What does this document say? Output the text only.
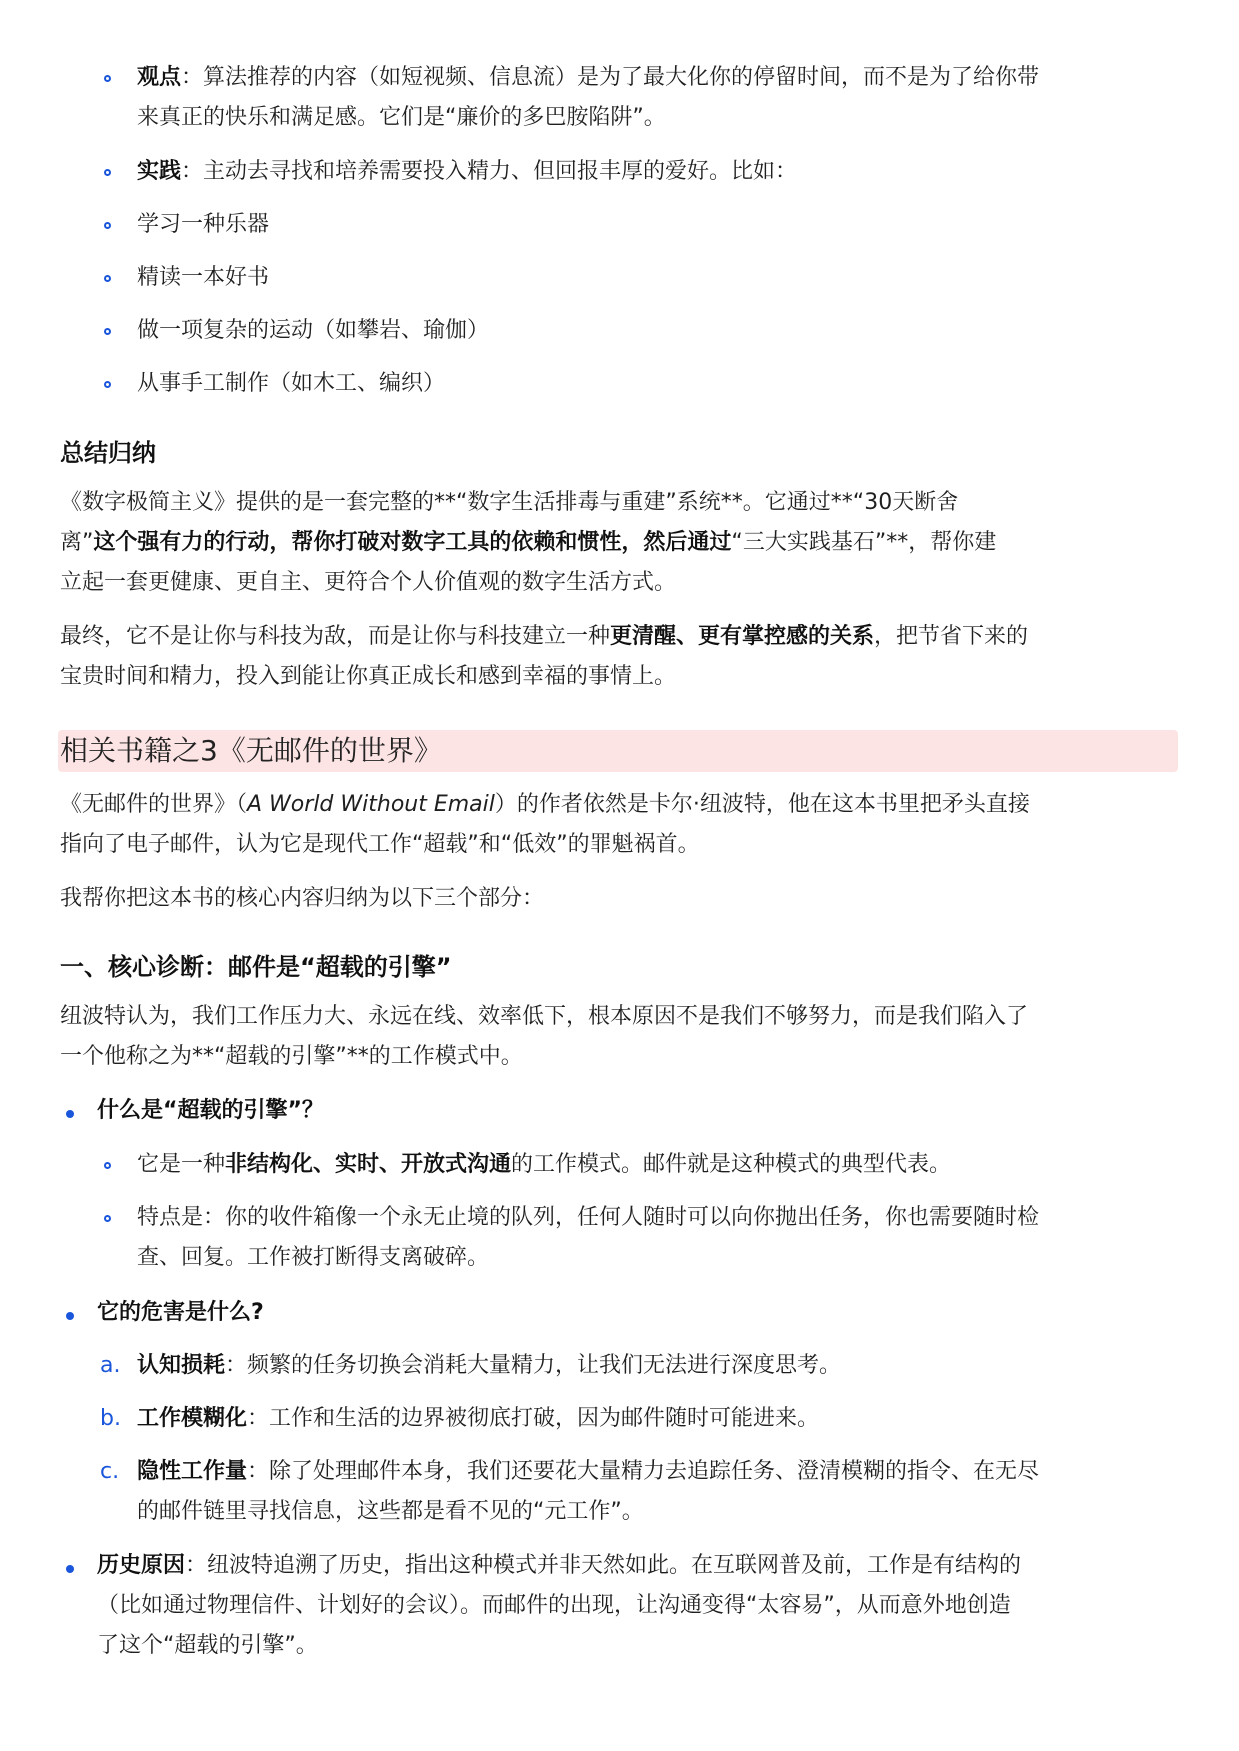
观点：算法推荐的内容（如短视频、信息流）是为了最大化你的停留时间，而不是为了给你带
来真正的快乐和满足感。它们是“廉价的多巴胺陷阱”。
实践：主动去寻找和培养需要投入精力、但回报丰厚的爱好。比如：
学习一种乐器
精读一本好书
做一项复杂的运动（如攀岩、瑜伽）
从事手工制作（如木工、编织）
总结归纳
《数字极简主义》提供的是一套完整的**“数字生活排毒与重建”系统**。它通过**“30天断舍
离”这个强有力的行动，帮你打破对数字工具的依赖和惯性，然后通过“三大实践基石”**，帮你建
立起一套更健康、更自主、更符合个人价值观的数字生活方式。
最终，它不是让你与科技为敌，而是让你与科技建立一种更清醒、更有掌控感的关系，把节省下来的
宝贵时间和精力，投入到能让你真正成长和感到幸福的事情上。
相关书籍之3《无邮件的世界》
《无邮件的世界》（A World Without Email）的作者依然是卡尔·纽波特，他在这本书里把矛头直接
指向了电子邮件，认为它是现代工作“超载”和“低效”的罪魁祸首。
我帮你把这本书的核心内容归纳为以下三个部分：
一、核心诊断：邮件是“超载的引擎”
纽波特认为，我们工作压力大、永远在线、效率低下，根本原因不是我们不够努力，而是我们陷入了
一个他称之为**“超载的引擎”**的工作模式中。
什么是“超载的引擎”？
它是一种非结构化、实时、开放式沟通的工作模式。邮件就是这种模式的典型代表。
特点是：你的收件箱像一个永无止境的队列，任何人随时可以向你抛出任务，你也需要随时检
查、回复。工作被打断得支离破碎。
它的危害是什么?
a. 认知损耗：频繁的任务切换会消耗大量精力，让我们无法进行深度思考。
b. 工作模糊化：工作和生活的边界被彻底打破，因为邮件随时可能进来。
c. 隐性工作量：除了处理邮件本身，我们还要花大量精力去追踪任务、澄清模糊的指令、在无尽
的邮件链里寻找信息，这些都是看不见的“元工作”。
历史原因：纽波特追溯了历史，指出这种模式并非天然如此。在互联网普及前，工作是有结构的
（比如通过物理信件、计划好的会议）。而邮件的出现，让沟通变得“太容易”，从而意外地创造
了这个“超载的引擎”。
